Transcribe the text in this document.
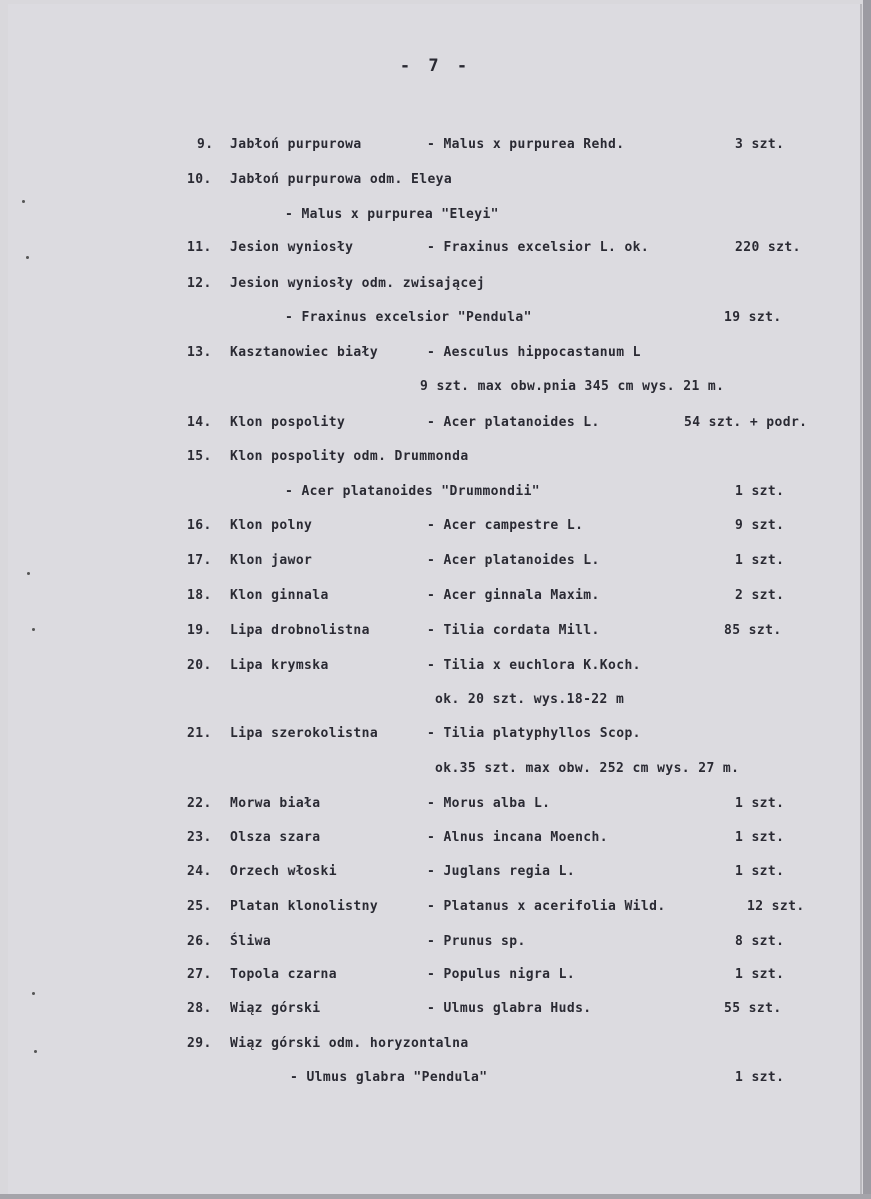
- 7 -
9. Jabłoń purpurowa	- Malus x purpurea Rehd.	3 szt.
10. Jabłoń purpurowa odm. Eleya
- Malus x purpurea "Eleyi"
11. Jesion wyniosły	- Fraxinus excelsior L. ok.	220 szt.
12. Jesion wyniosły odm. zwisającej
- Fraxinus excelsior "Pendula"	19 szt.
13. Kasztanowiec biały	- Aesculus hippocastanum L
9 szt. max obw.pnia 345 cm wys. 21 m.
14. Klon pospolity	- Acer platanoides L.	54 szt. + podr.
15. Klon pospolity odm. Drummonda
- Acer platanoides "Drummondii"	1 szt.
16. Klon polny	- Acer campestre L.	9 szt.
17. Klon jawor	- Acer platanoides L.	1 szt.
18. Klon ginnala	- Acer ginnala Maxim.	2 szt.
19. Lipa drobnolistna	- Tilia cordata Mill.	85 szt.
20. Lipa krymska	- Tilia x euchlora K.Koch.
ok. 20 szt. wys.18-22 m
21. Lipa szerokolistna	- Tilia platyphyllos Scop.
ok.35 szt. max obw. 252 cm wys. 27 m.
22. Morwa biała	- Morus alba L.	1 szt.
23. Olsza szara	- Alnus incana Moench.	1 szt.
24. Orzech włoski	- Juglans regia L.	1 szt.
25. Platan klonolistny	- Platanus x acerifolia Wild.	12 szt.
26. Śliwa	- Prunus sp.	8 szt.
27. Topola czarna	- Populus nigra L.	1 szt.
28. Wiąz górski	- Ulmus glabra Huds.	55 szt.
29. Wiąz górski odm. horyzontalna
- Ulmus glabra "Pendula"	1 szt.
